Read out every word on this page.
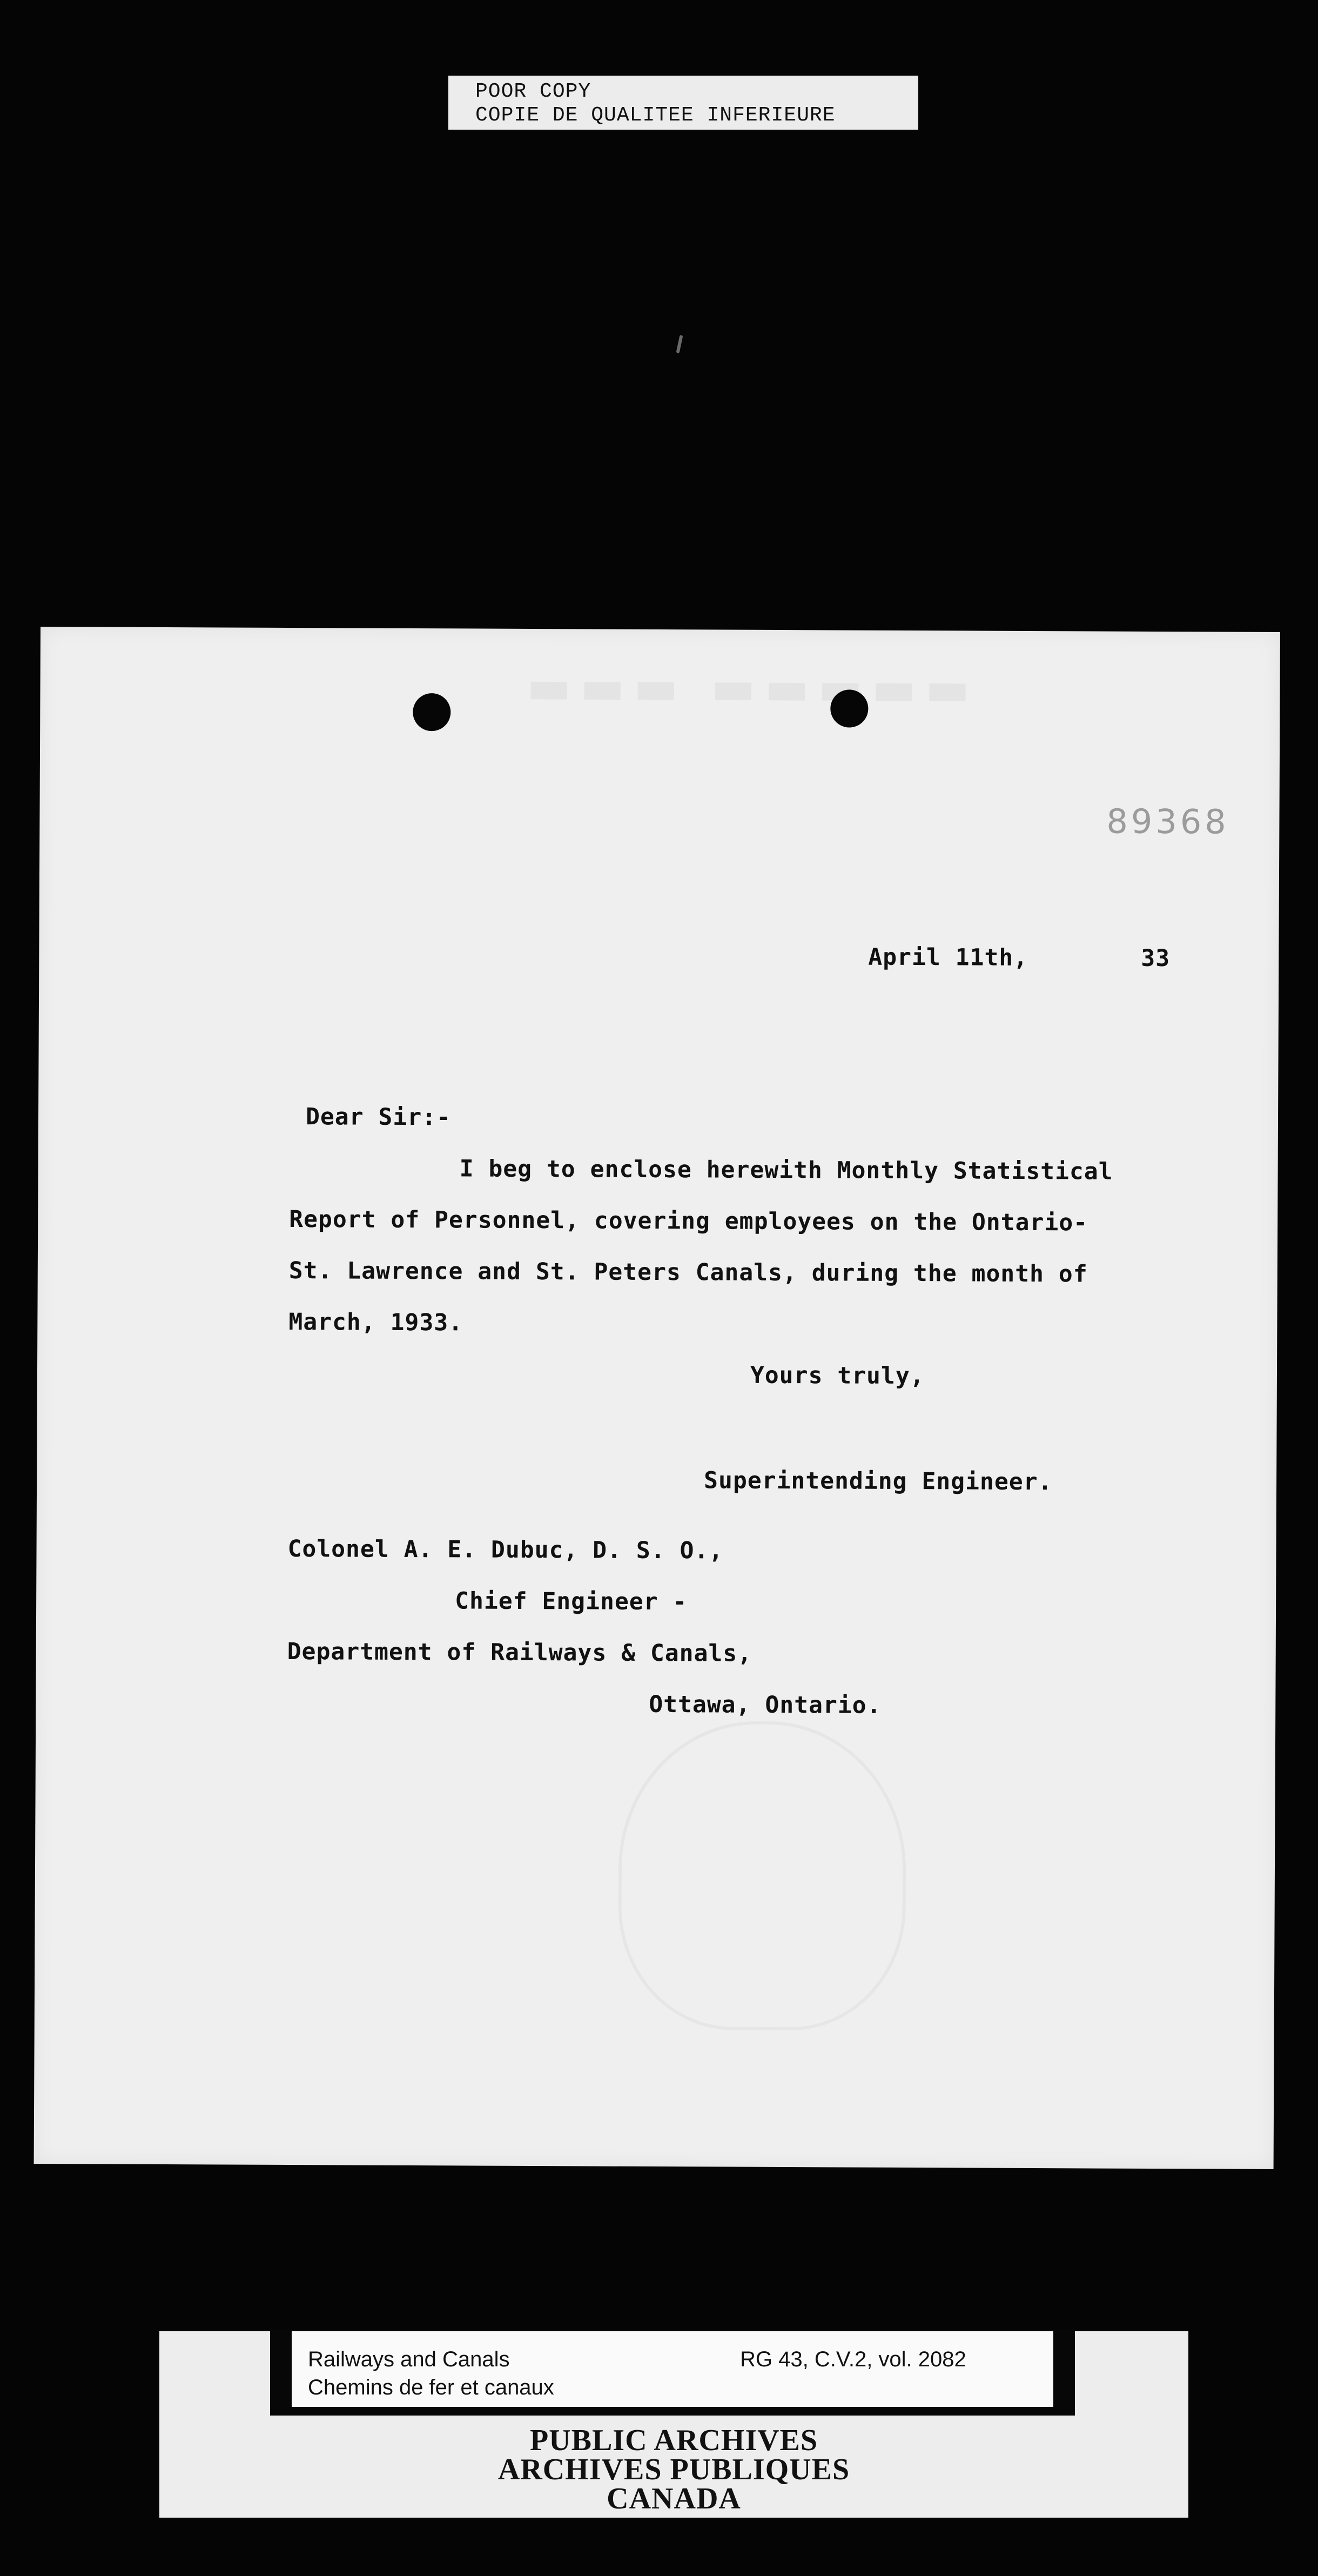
POOR COPY
COPIE DE QUALITEE INFERIEURE
89368
April 11th,	33
Dear Sir:-
I beg to enclose herewith Monthly Statistical
Report of Personnel, covering employees on the Ontario-
St. Lawrence and St. Peters Canals, during the month of
March, 1933.
Yours truly,
Superintending Engineer.
Colonel A. E. Dubuc, D. S. O.,
Chief Engineer -
Department of Railways & Canals,
Ottawa, Ontario.
Railways and Canals
Chemins de fer et canaux
RG 43, C.V.2, vol. 2082
PUBLIC ARCHIVES
ARCHIVES PUBLIQUES
CANADA
